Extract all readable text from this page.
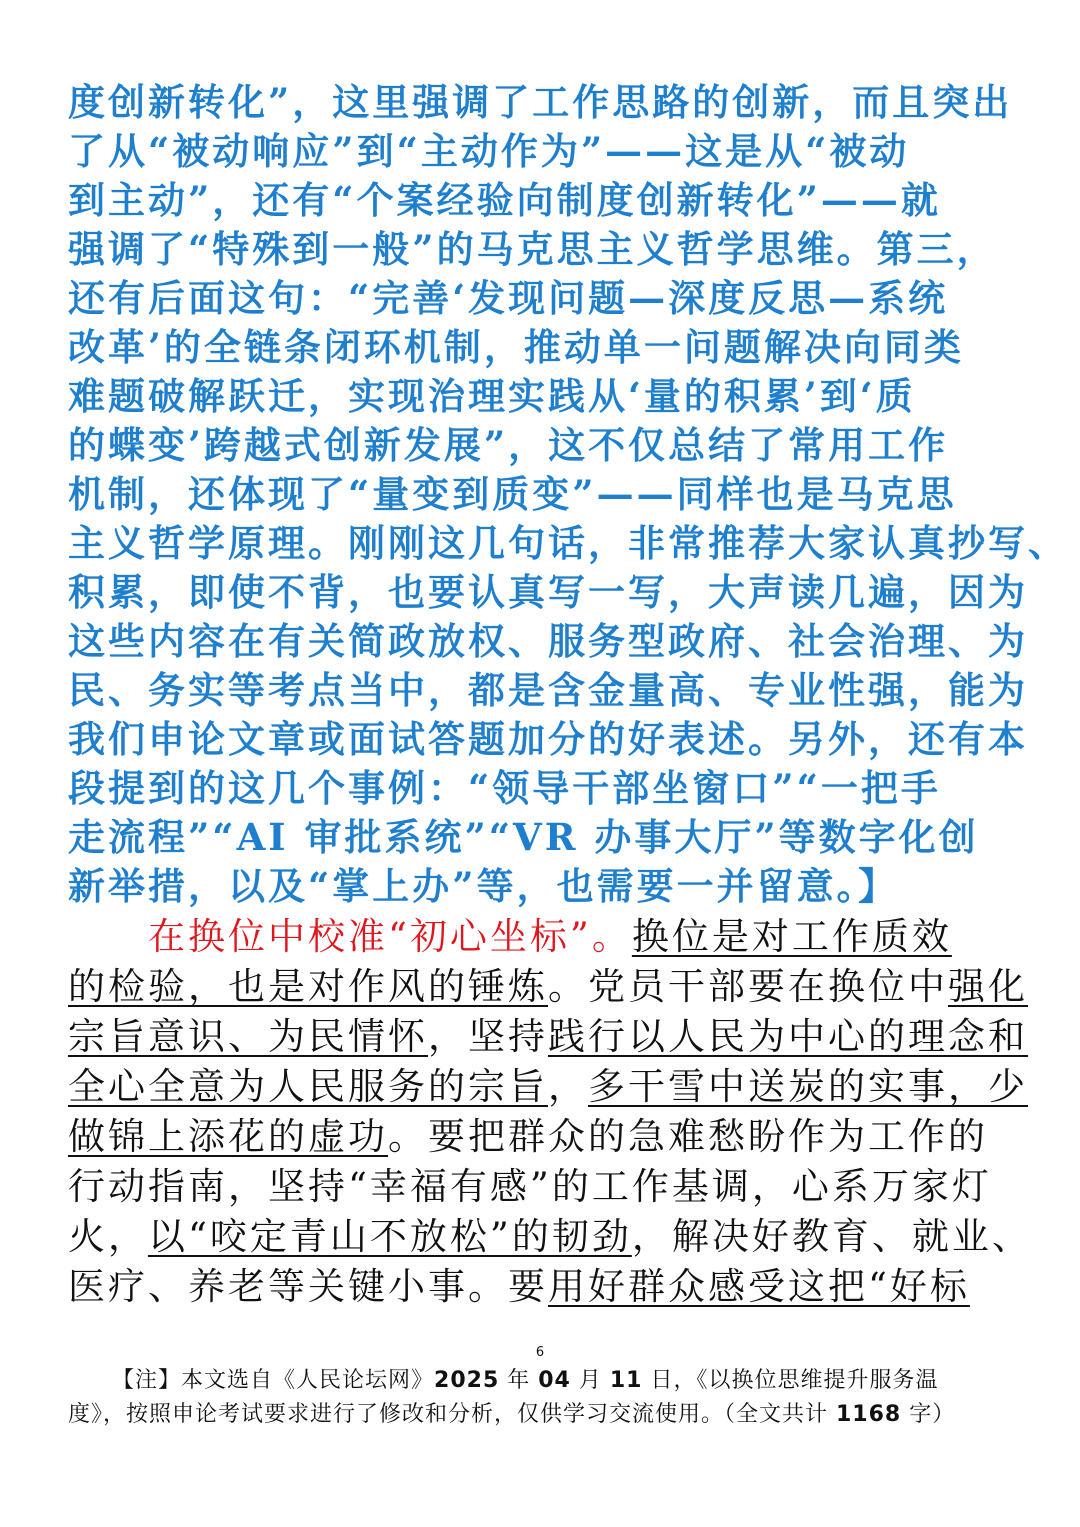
度创新转化”，这里强调了工作思路的创新，而且突出
了从“被动响应”到“主动作为”——这是从“被动
到主动”，还有“个案经验向制度创新转化”——就
强调了“特殊到一般”的马克思主义哲学思维。第三，
还有后面这句：“完善‘发现问题—深度反思—系统
改革’的全链条闭环机制，推动单一问题解决向同类
难题破解跃迁，实现治理实践从‘量的积累’到‘质
的蝶变’跨越式创新发展”，这不仅总结了常用工作
机制，还体现了“量变到质变”——同样也是马克思
主义哲学原理。刚刚这几句话，非常推荐大家认真抄写、
积累，即使不背，也要认真写一写，大声读几遍，因为
这些内容在有关简政放权、服务型政府、社会治理、为
民、务实等考点当中，都是含金量高、专业性强，能为
我们申论文章或面试答题加分的好表述。另外，还有本
段提到的这几个事例：“领导干部坐窗口”“一把手
走流程”“AI 审批系统”“VR 办事大厅”等数字化创
新举措，以及“掌上办”等，也需要一并留意。】
在换位中校准“初心坐标”。换位是对工作质效
的检验，也是对作风的锤炼。党员干部要在换位中强化
宗旨意识、为民情怀，坚持践行以人民为中心的理念和
全心全意为人民服务的宗旨，多干雪中送炭的实事，少
做锦上添花的虚功。要把群众的急难愁盼作为工作的
行动指南，坚持“幸福有感”的工作基调，心系万家灯
火，以“咬定青山不放松”的韧劲，解决好教育、就业、
医疗、养老等关键小事。要用好群众感受这把“好标
6
【注】本文选自《人民论坛网》2025 年 04 月 11 日，《以换位思维提升服务温
度》，按照申论考试要求进行了修改和分析，仅供学习交流使用。（全文共计 1168 字）
